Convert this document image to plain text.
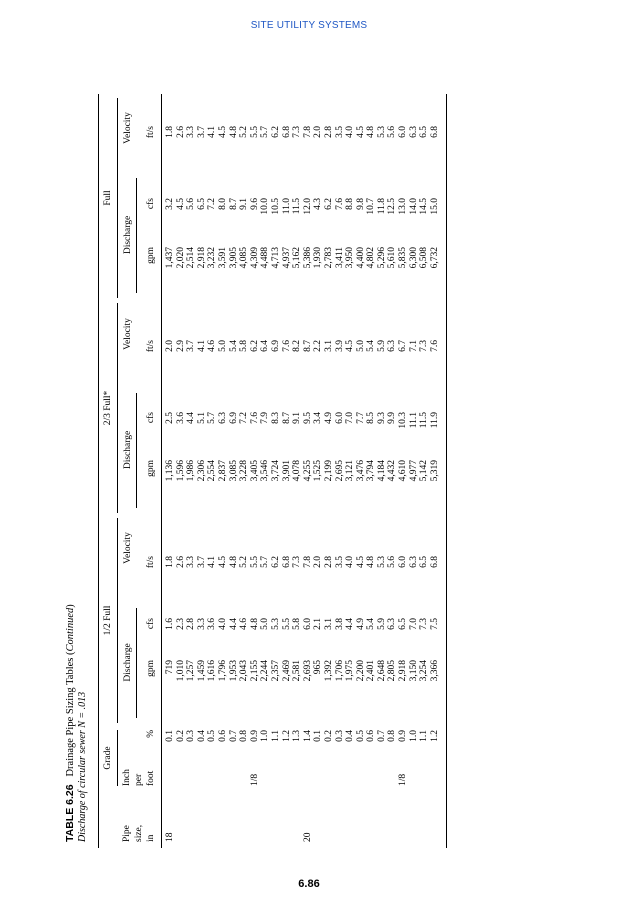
SITE UTILITY SYSTEMS
TABLE 6.26   Drainage Pipe Sizing Tables (Continued)
Discharge of circular sewer N = .013 Grade
1/2 Full
2/3 Full*
Full
Pipe size, in
Inch per foot
%
Discharge
Velocity
Discharge
Velocity
Discharge
Velocity
gpm
cfs
ft/s
gpm
cfs
ft/s
gpm
cfs
ft/s
18	20
1/8	1/8
0.1 0.2 0.3 0.4 0.5 0.6 0.7 0.8 0.9 1.0 1.1 1.2 1.3 1.4 0.1 0.2 0.3 0.4 0.5 0.6 0.7 0.8 0.9 1.0 1.1 1.2
719 1,010 1,257 1,459 1,616 1,796 1,953 2,043 2,155 2,244 2,357 2,469 2,581 2,693 965 1,392 1,706 1,975 2,200 2,401 2,648 2,805 2,918 3,150 3,254 3,366
1.6 2.3 2.8 3.3 3.6 4.0 4.4 4.6 4.8 5.0 5.3 5.5 5.8 6.0 2.1 3.1 3.8 4.4 4.9 5.4 5.9 6.3 6.5 7.0 7.3 7.5
1.8 2.6 3.3 3.7 4.1 4.5 4.8 5.2 5.5 5.7 6.2 6.8 7.3 7.8 2.0 2.8 3.5 4.0 4.5 4.8 5.3 5.6 6.0 6.3 6.5 6.8
1,136 1,596 1,986 2,306 2,554 2,837 3,085 3,228 3,405 3,546 3,724 3,901 4,078 4,255 1,525 2,199 2,695 3,121 3,476 3,794 4,184 4,432 4,610 4,977 5,142 5,319
2.5 3.6 4.4 5.1 5.7 6.3 6.9 7.2 7.6 7.9 8.3 8.7 9.1 9.5 3.4 4.9 6.0 7.0 7.7 8.5 9.3 9.9 10.3 11.1 11.5 11.9
2.0 2.9 3.7 4.1 4.6 5.0 5.4 5.8 6.2 6.4 6.9 7.6 8.2 8.7 2.2 3.1 3.9 4.5 5.0 5.4 5.9 6.3 6.7 7.1 7.3 7.6
1,437 2,020 2,514 2,918 3,232 3,591 3,905 4,085 4,309 4,488 4,713 4,937 5,162 5,386 1,930 2,783 3,411 3,950 4,400 4,802 5,296 5,610 5,835 6,300 6,508 6,732
3.2 4.5 5.6 6.5 7.2 8.0 8.7 9.1 9.6 10.0 10.5 11.0 11.5 12.0 4.3 6.2 7.6 8.8 9.8 10.7 11.8 12.5 13.0 14.0 14.5 15.0
1.8 2.6 3.3 3.7 4.1 4.5 4.8 5.2 5.5 5.7 6.2 6.8 7.3 7.8 2.0 2.8 3.5 4.0 4.5 4.8 5.3 5.6 6.0 6.3 6.5 6.8
6.86
